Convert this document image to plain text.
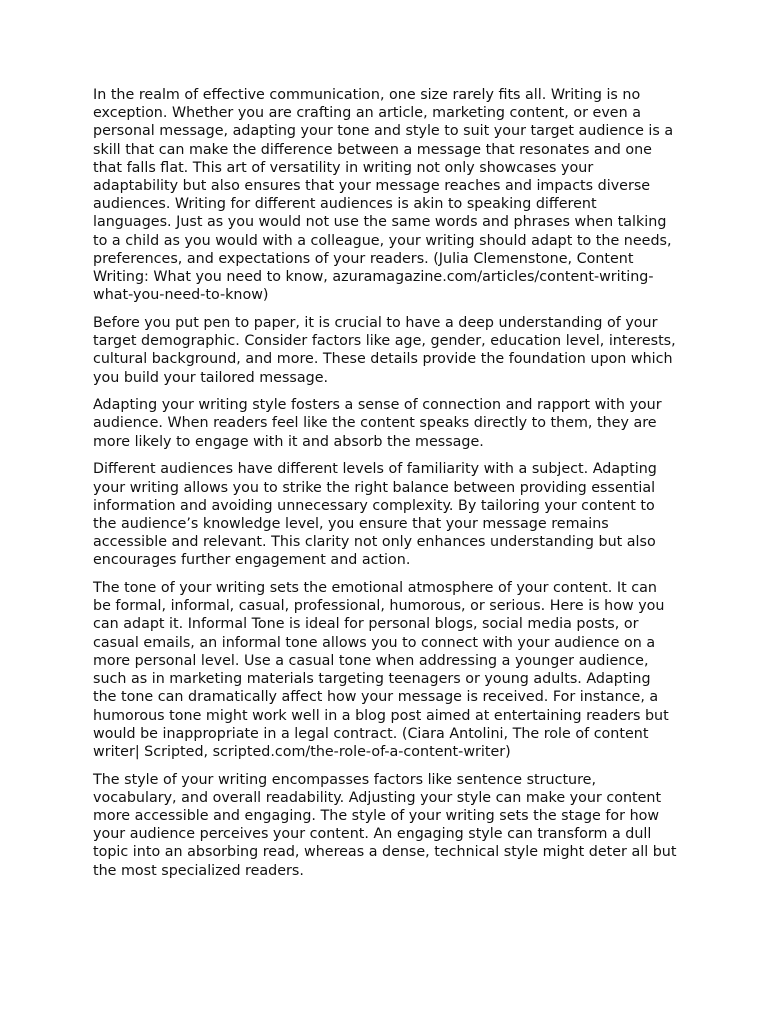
In the realm of effective communication, one size rarely fits all. Writing is no exception. Whether you are crafting an article, marketing content, or even a personal message, adapting your tone and style to suit your target audience is a skill that can make the difference between a message that resonates and one that falls flat. This art of versatility in writing not only showcases your adaptability but also ensures that your message reaches and impacts diverse audiences. Writing for different audiences is akin to speaking different languages. Just as you would not use the same words and phrases when talking to a child as you would with a colleague, your writing should adapt to the needs, preferences, and expectations of your readers. (Julia Clemenstone, Content Writing: What you need to know, azuramagazine.com/articles/content-writing-what-you-need-to-know)

Before you put pen to paper, it is crucial to have a deep understanding of your target demographic. Consider factors like age, gender, education level, interests, cultural background, and more. These details provide the foundation upon which you build your tailored message.

Adapting your writing style fosters a sense of connection and rapport with your audience. When readers feel like the content speaks directly to them, they are more likely to engage with it and absorb the message.

Different audiences have different levels of familiarity with a subject. Adapting your writing allows you to strike the right balance between providing essential information and avoiding unnecessary complexity. By tailoring your content to the audience’s knowledge level, you ensure that your message remains accessible and relevant. This clarity not only enhances understanding but also encourages further engagement and action.

The tone of your writing sets the emotional atmosphere of your content. It can be formal, informal, casual, professional, humorous, or serious. Here is how you can adapt it. Informal Tone is ideal for personal blogs, social media posts, or casual emails, an informal tone allows you to connect with your audience on a more personal level. Use a casual tone when addressing a younger audience, such as in marketing materials targeting teenagers or young adults. Adapting the tone can dramatically affect how your message is received. For instance, a humorous tone might work well in a blog post aimed at entertaining readers but would be inappropriate in a legal contract. (Ciara Antolini, The role of content writer| Scripted, scripted.com/the-role-of-a-content-writer)

The style of your writing encompasses factors like sentence structure, vocabulary, and overall readability. Adjusting your style can make your content more accessible and engaging. The style of your writing sets the stage for how your audience perceives your content. An engaging style can transform a dull topic into an absorbing read, whereas a dense, technical style might deter all but the most specialized readers.
